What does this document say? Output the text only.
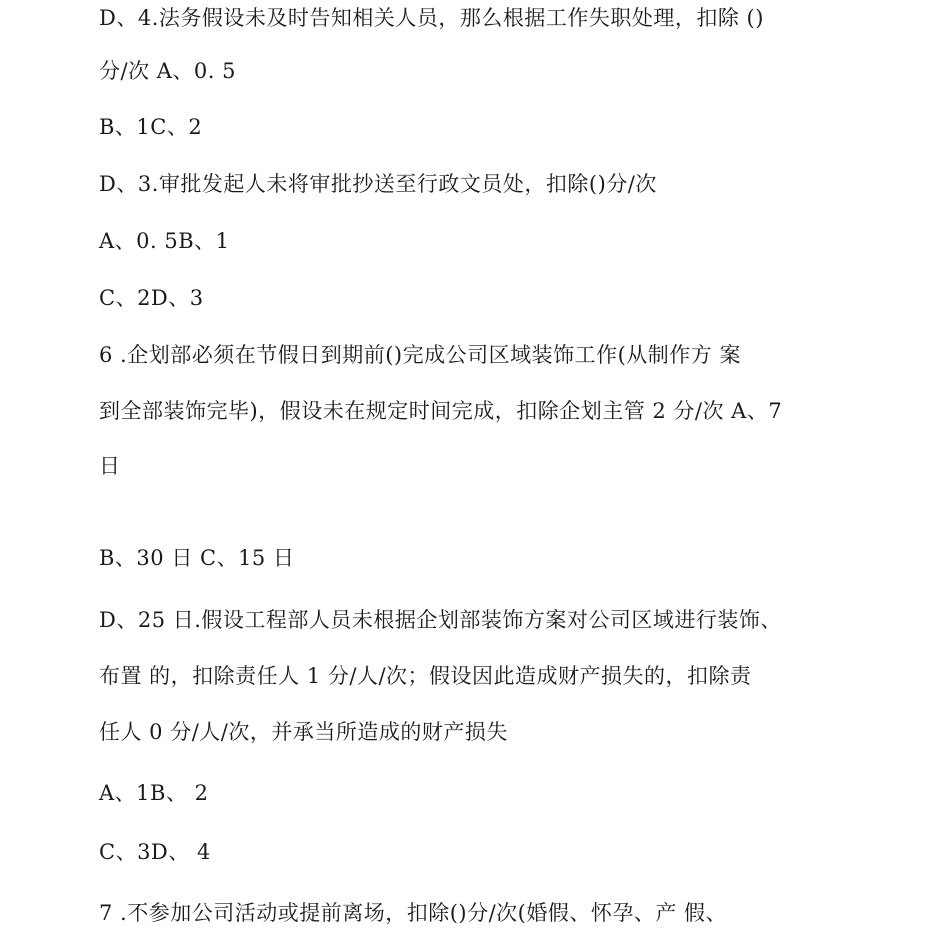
D、4.法务假设未及时告知相关人员，那么根据工作失职处理，扣除 ()
分/次 A、0. 5
B、1C、2
D、3.审批发起人未将审批抄送至行政文员处，扣除()分/次
A、0. 5B、1
C、2D、3
6 .企划部必须在节假日到期前()完成公司区域装饰工作(从制作方 案
到全部装饰完毕)，假设未在规定时间完成，扣除企划主管 2 分/次 A、7
日
B、30 日 C、15 日
D、25 日.假设工程部人员未根据企划部装饰方案对公司区域进行装饰、
布置 的，扣除责任人 1 分/人/次；假设因此造成财产损失的，扣除责
任人 0 分/人/次，并承当所造成的财产损失
A、1B、 2
C、3D、 4
7 .不参加公司活动或提前离场，扣除()分/次(婚假、怀孕、产 假、
